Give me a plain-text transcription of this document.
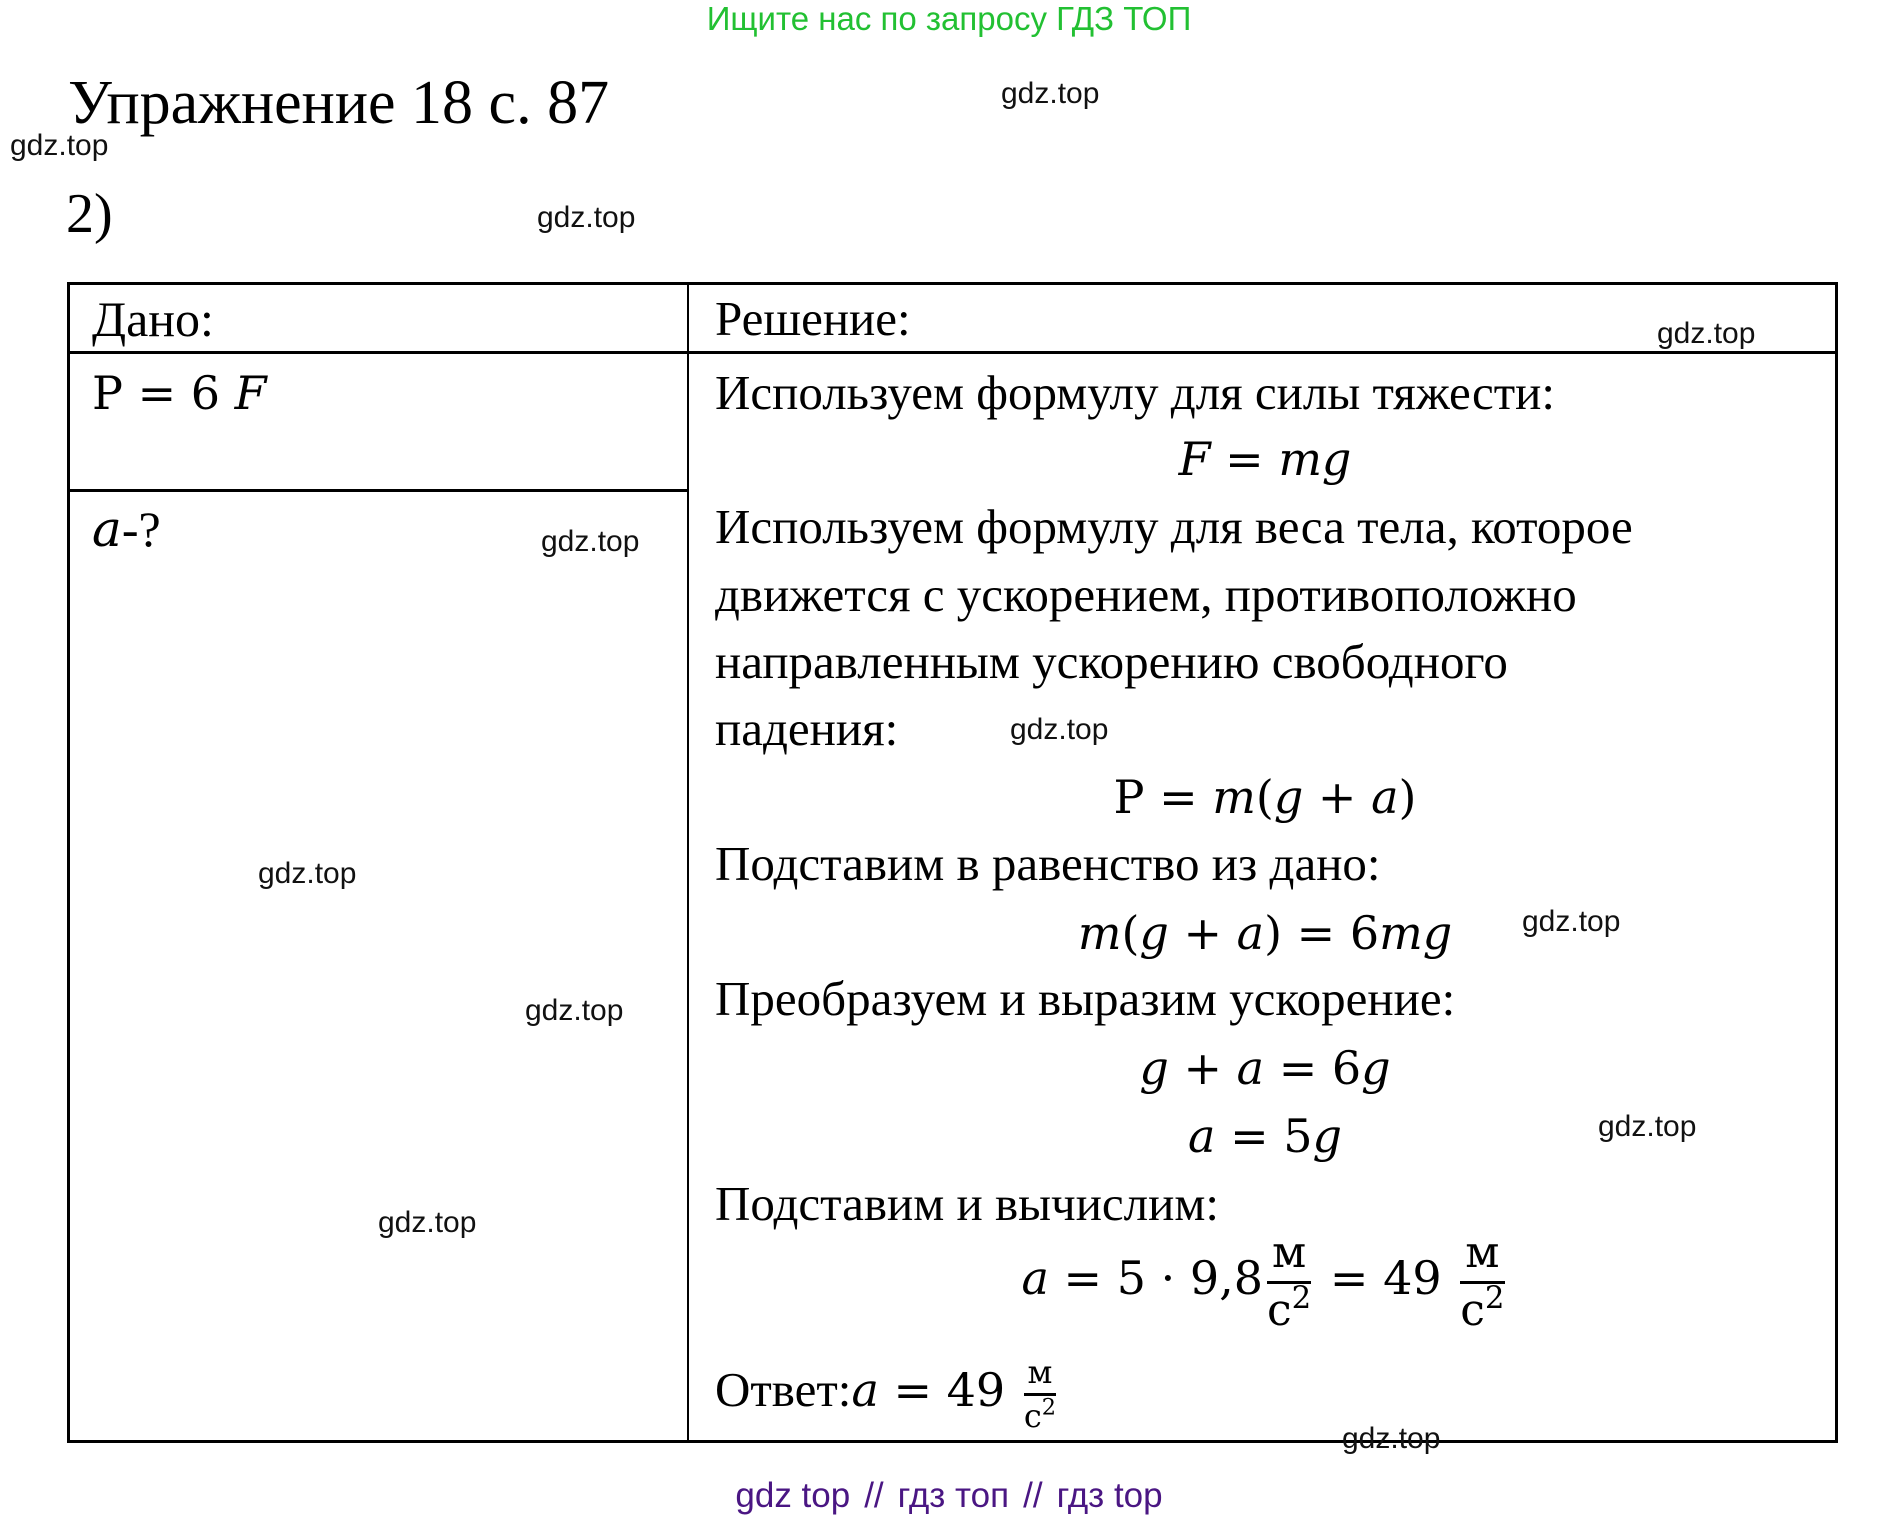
Ищите нас по запросу ГДЗ ТОП
Упражнение 18 с. 87
2)
Дано:
P = 6 F
a-?
Решение:
Используем формулу для силы тяжести:
F = mg
Используем формулу для веса тела, которое
движется с ускорением, противоположно
направленным ускорению свободного
падения:
P = m(g + a)
Подставим в равенство из дано:
m(g + a) = 6mg
Преобразуем и выразим ускорение:
g + a = 6g
a = 5g
Подставим и вычислим:
$a = 5 \cdot 9,8 \frac{м}{с^2} = 49 \frac{м}{с^2}$
Ответ:a = $49 \frac{м}{с^2}$
gdz.top
gdz.top
gdz.top
gdz.top
gdz.top
gdz.top
gdz.top
gdz.top
gdz.top
gdz.top
gdz.top
gdz.top
gdz top // гдз топ // гдз top
